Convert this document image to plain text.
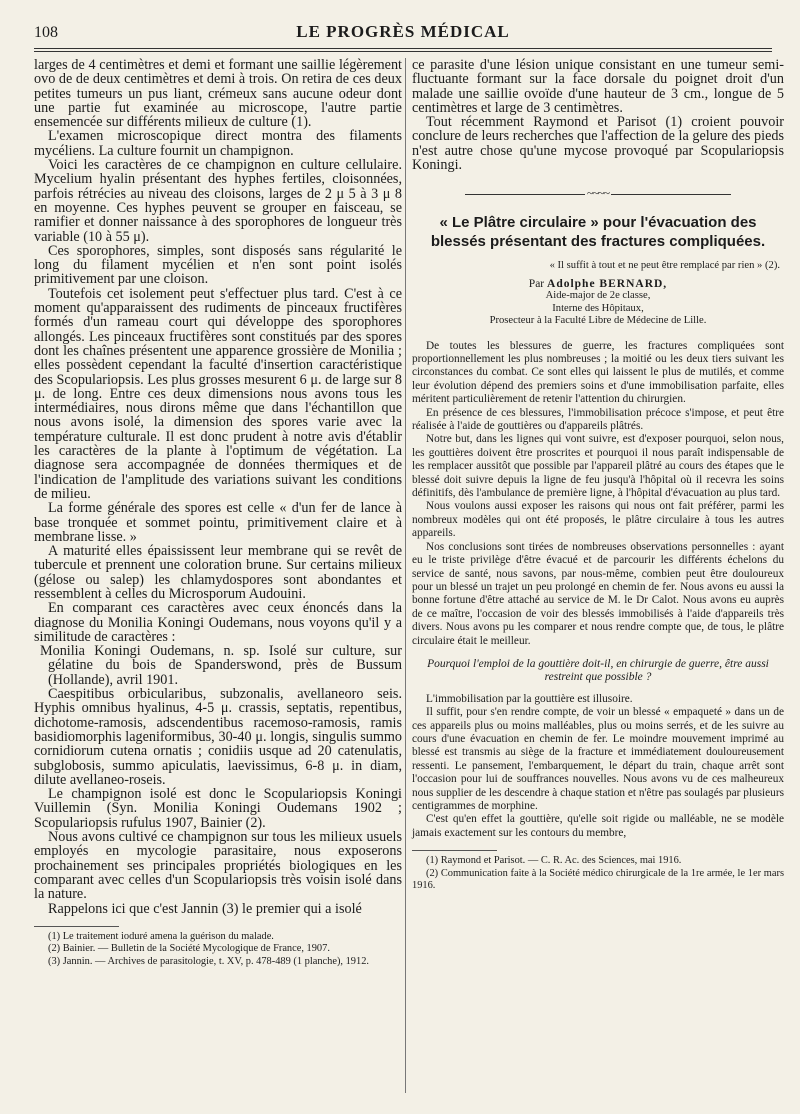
108	LE PROGRÈS MÉDICAL

larges de 4 centimètres et demi et formant une saillie légèrement ovo de de deux centimètres et demi à trois. On retira de ces deux petites tumeurs un pus liant, crémeux sans aucune odeur dont une partie fut examinée au microscope, l'autre partie ensemencée sur différents milieux de culture (1).

L'examen microscopique direct montra des filaments mycéliens. La culture fournit un champignon.

Voici les caractères de ce champignon en culture cellulaire. Mycelium hyalin présentant des hyphes fertiles, cloisonnées, parfois rétrécies au niveau des cloisons, larges de 2 μ 5 à 3 μ 8 en moyenne. Ces hyphes peuvent se grouper en faisceau, se ramifier et donner naissance à des sporophores de longueur très variable (10 à 55 μ).

Ces sporophores, simples, sont disposés sans régularité le long du filament mycélien et n'en sont point isolés primitivement par une cloison.

Toutefois cet isolement peut s'effectuer plus tard. C'est à ce moment qu'apparaissent des rudiments de pinceaux fructifères formés d'un rameau court qui développe des sporophores allongés. Les pinceaux fructifères sont constitués par des spores dont les chaînes présentent une apparence grossière de Monilia ; elles possèdent cependant la faculté d'insertion caractéristique des Scopulariopsis. Les plus grosses mesurent 6 μ. de large sur 8 μ. de long. Entre ces deux dimensions nous avons tous les intermédiaires, nous dirons même que dans l'échantillon que nous avons isolé, la dimension des spores varie avec la température culturale. Il est donc prudent à notre avis d'établir les caractères de la plante à l'optimum de végétation. La diagnose sera accompagnée de données thermiques et de l'indication de l'amplitude des variations suivant les conditions de milieu.

La forme générale des spores est celle « d'un fer de lance à base tronquée et sommet pointu, primitivement claire et à membrane lisse. »

A maturité elles épaississent leur membrane qui se revêt de tubercule et prennent une coloration brune. Sur certains milieux (gélose ou salep) les chlamydospores sont abondantes et ressemblent à celles du Microsporum Audouini.

En comparant ces caractères avec ceux énoncés dans la diagnose du Monilia Koningi Oudemans, nous voyons qu'il y a similitude de caractères :

Monilia Koningi Oudemans, n. sp. Isolé sur culture, sur gélatine du bois de Spanderswond, près de Bussum (Hollande), avril 1901.

Caespitibus orbicularibus, subzonalis, avellaneoro seis. Hyphis omnibus hyalinus, 4-5 μ. crassis, septatis, repentibus, dichotome-ramosis, adscendentibus racemoso-ramosis, ramis basidiomorphis lageniformibus, 30-40 μ. longis, singulis summo cornidiorum cutena ornatis ; conidiis usque ad 20 catenulatis, subglobosis, summo apiculatis, laevissimus, 6-8 μ. in diam, dilute avellaneo-roseis.

Le champignon isolé est donc le Scopulariopsis Koningi Vuillemin (Syn. Monilia Koningi Oudemans 1902 ; Scopulariopsis rufulus 1907, Bainier (2).

Nous avons cultivé ce champignon sur tous les milieux usuels employés en mycologie parasitaire, nous exposerons prochainement ses principales propriétés biologiques en les comparant avec celles d'un Scopulariopsis très voisin isolé dans la nature.

Rappelons ici que c'est Jannin (3) le premier qui a isolé

(1) Le traitement ioduré amena la guérison du malade.

(2) Bainier. — Bulletin de la Société Mycologique de France, 1907.

(3) Jannin. — Archives de parasitologie, t. XV, p. 478-489 (1 planche), 1912.

ce parasite d'une lésion unique consistant en une tumeur semi-fluctuante formant sur la face dorsale du poignet droit d'un malade une saillie ovoïde d'une hauteur de 3 cm., longue de 5 centimètres et large de 3 centimètres.

Tout récemment Raymond et Parisot (1) croient pouvoir conclure de leurs recherches que l'affection de la gelure des pieds n'est autre chose qu'une mycose provoqué par Scopulariopsis Koningi.

~~~~
« Le Plâtre circulaire » pour l'évacuation des blessés présentant des fractures compliquées.
« Il suffit à tout et ne peut être remplacé par rien » (2).
Par Adolphe BERNARD,
Aide-major de 2e classe,
Interne des Hôpitaux,
Prosecteur à la Faculté Libre de Médecine de Lille.

De toutes les blessures de guerre, les fractures compliquées sont proportionnellement les plus nombreuses ; la moitié ou les deux tiers suivant les circonstances du combat. Ce sont elles qui laissent le plus de mutilés, et comme leur évolution dépend des premiers soins et d'une immobilisation parfaite, elles méritent particulièrement de retenir l'attention du chirurgien.

En présence de ces blessures, l'immobilisation précoce s'impose, et peut être réalisée à l'aide de gouttières ou d'appareils plâtrés.

Notre but, dans les lignes qui vont suivre, est d'exposer pourquoi, selon nous, les gouttières doivent être proscrites et pourquoi il nous paraît indispensable de les remplacer aussitôt que possible par l'appareil plâtré au cours des étapes que le blessé doit suivre depuis la ligne de feu jusqu'à l'hôpital où il recevra les soins définitifs, dès l'ambulance de première ligne, à l'hôpital d'évacuation au plus tard.

Nous voulons aussi exposer les raisons qui nous ont fait préférer, parmi les nombreux modèles qui ont été proposés, le plâtre circulaire à tous les autres appareils.

Nos conclusions sont tirées de nombreuses observations personnelles : ayant eu le triste privilège d'être évacué et de parcourir les différents échelons du service de santé, nous savons, par nous-même, combien peut être douloureux pour un blessé un trajet un peu prolongé en chemin de fer. Nous avons eu aussi la bonne fortune d'être attaché au service de M. le Dr Calot. Nous avons eu auprès de ce maître, l'occasion de voir des blessés immobilisés à l'aide d'appareils très divers. Nous avons pu les comparer et nous rendre compte que, de tous, le plâtre circulaire était le meilleur.

Pourquoi l'emploi de la gouttière doit-il, en chirurgie de guerre, être aussi restreint que possible ?

L'immobilisation par la gouttière est illusoire.

Il suffit, pour s'en rendre compte, de voir un blessé « empaqueté » dans un de ces appareils plus ou moins malléables, plus ou moins serrés, et de les suivre au cours d'une évacuation en chemin de fer. Le moindre mouvement imprimé au blessé est transmis au siège de la fracture et immédiatement douloureusement ressenti. Le pansement, l'embarquement, le départ du train, chaque arrêt sont l'occasion pour lui de souffrances nouvelles. Nous avons vu de ces malheureux nous supplier de les descendre à chaque station et n'être pas soulagés par plusieurs centigrammes de morphine.

C'est qu'en effet la gouttière, qu'elle soit rigide ou malléable, ne se modèle jamais exactement sur les contours du membre,

(1) Raymond et Parisot. — C. R. Ac. des Sciences, mai 1916.

(2) Communication faite à la Société médico chirurgicale de la 1re armée, le 1er mars 1916.
